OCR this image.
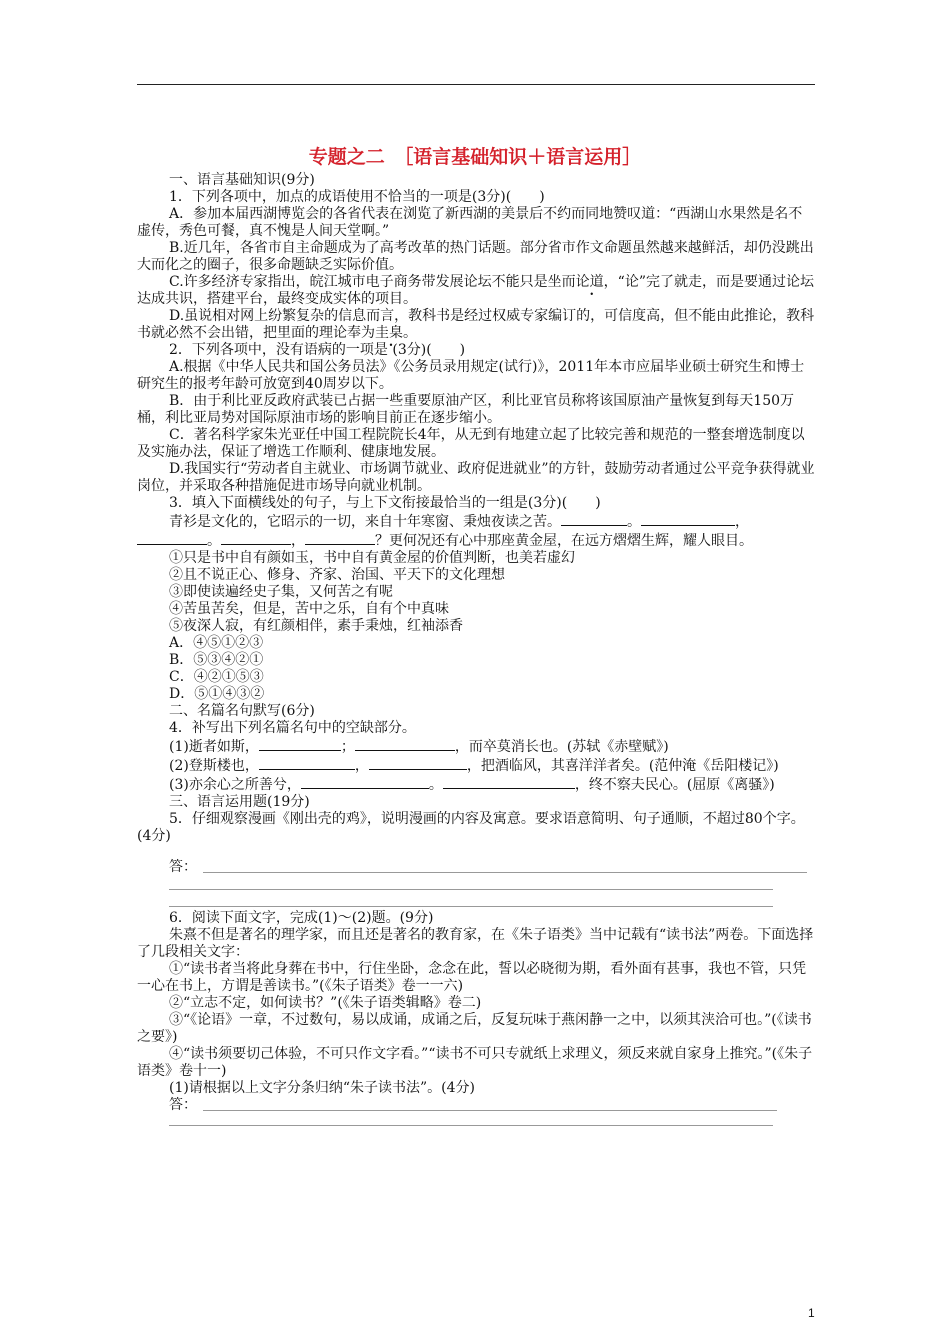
专题之二　［语言基础知识＋语言运用］

一、语言基础知识(9分)

1．下列各项中，加点的成语使用不恰当的一项是(3分)(　　)

A．参加本届西湖博览会的各省代表在浏览了新西湖的美景后不约而同地赞叹道：“西湖山水果然是名不虚传，秀色可餐，真不愧是人间天堂啊。”

B.近几年，各省市自主命题成为了高考改革的热门话题。部分省市作文命题虽然越来越鲜活，却仍没跳出大而化之的圈子，很多命题缺乏实际价值。

C.许多经济专家指出，皖江城市电子商务带发展论坛不能只是坐而论道，“论”完了就走，而是要通过论坛达成共识，搭建平台，最终变成实体的项目。

D.虽说相对网上纷繁复杂的信息而言，教科书是经过权威专家编订的，可信度高，但不能由此推论，教科书就必然不会出错，把里面的理论奉为圭臬。

2．下列各项中，没有语病的一项是 (3分)(　　)

A.根据《中华人民共和国公务员法》《公务员录用规定(试行)》，2011年本市应届毕业硕士研究生和博士研究生的报考年龄可放宽到40周岁以下。

B．由于利比亚反政府武装已占据一些重要原油产区，利比亚官员称将该国原油产量恢复到每天150万桶，利比亚局势对国际原油市场的影响目前正在逐步缩小。

C．著名科学家朱光亚任中国工程院院长4年，从无到有地建立起了比较完善和规范的一整套增选制度以及实施办法，保证了增选工作顺利、健康地发展。

D.我国实行“劳动者自主就业、市场调节就业、政府促进就业”的方针，鼓励劳动者通过公平竞争获得就业岗位，并采取各种措施促进市场导向就业机制。

3．填入下面横线处的句子，与上下文衔接最恰当的一组是(3分)(　　)

青衫是文化的，它昭示的一切，来自十年寒窗、秉烛夜读之苦。	。	，。	，	？更何况还有心中那座黄金屋，在远方熠熠生辉，耀人眼目。

①只是书中自有颜如玉，书中自有黄金屋的价值判断，也美若虚幻

②且不说正心、修身、齐家、治国、平天下的文化理想

③即使读遍经史子集，又何苦之有呢

④苦虽苦矣，但是，苦中之乐，自有个中真味

⑤夜深人寂，有红颜相伴，素手秉烛，红袖添香

A．④⑤①②③

B．⑤③④②①

C．④②①⑤③

D．⑤①④③②

二、名篇名句默写(6分)

4．补写出下列名篇名句中的空缺部分。

(1)逝者如斯，	；	，而卒莫消长也。(苏轼《赤壁赋》)

(2)登斯楼也，	，	，把酒临风，其喜洋洋者矣。(范仲淹《岳阳楼记》)

(3)亦余心之所善兮，	。	，终不察夫民心。(屈原《离骚》)

三、语言运用题(19分)

5．仔细观察漫画《刚出壳的鸡》，说明漫画的内容及寓意。要求语意简明、句子通顺，不超过80个字。(4分)

答：

6．阅读下面文字，完成(1)～(2)题。(9分)

朱熹不但是著名的理学家，而且还是著名的教育家，在《朱子语类》当中记载有“读书法”两卷。下面选择了几段相关文字：

①“读书者当将此身葬在书中，行住坐卧，念念在此，誓以必晓彻为期，看外面有甚事，我也不管，只凭一心在书上，方谓是善读书。”(《朱子语类》卷一一六)

②“立志不定，如何读书？”(《朱子语类辑略》卷二)

③“《论语》一章，不过数句，易以成诵，成诵之后，反复玩味于燕闲静一之中，以须其浃洽可也。”(《读书之要》)

④“读书须要切己体验，不可只作文字看。”“读书不可只专就纸上求理义，须反来就自家身上推究。”(《朱子语类》卷十一)

(1)请根据以上文字分条归纳“朱子读书法”。(4分)

答：

1
